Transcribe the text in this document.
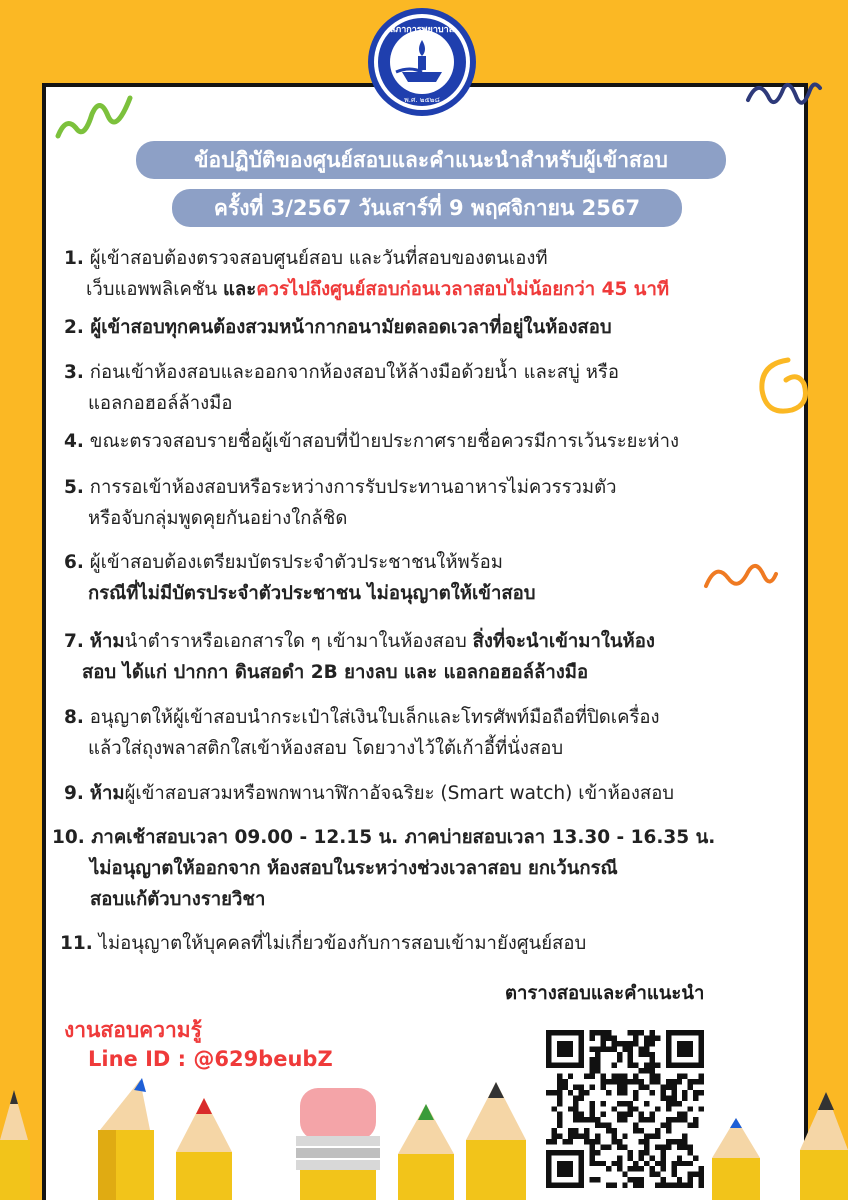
สภาการพยาบาล
พ.ศ. ๒๕๒๘
ข้อปฏิบัติของศูนย์สอบและคำแนะนำสำหรับผู้เข้าสอบ
ครั้งที่ 3/2567 วันเสาร์ที่ 9 พฤศจิกายน 2567
1. ผู้เข้าสอบต้องตรวจสอบศูนย์สอบ และวันที่สอบของตนเองที
เว็บแอพพลิเคชัน และควรไปถึงศูนย์สอบก่อนเวลาสอบไม่น้อยกว่า 45 นาที
2. ผู้เข้าสอบทุกคนต้องสวมหน้ากากอนามัยตลอดเวลาที่อยู่ในห้องสอบ
3. ก่อนเข้าห้องสอบและออกจากห้องสอบให้ล้างมือด้วยน้ำ และสบู่ หรือ
แอลกอฮอล์ล้างมือ
4. ขณะตรวจสอบรายชื่อผู้เข้าสอบที่ป้ายประกาศรายชื่อควรมีการเว้นระยะห่าง
5. การรอเข้าห้องสอบหรือระหว่างการรับประทานอาหารไม่ควรรวมตัว
หรือจับกลุ่มพูดคุยกันอย่างใกล้ชิด
6. ผู้เข้าสอบต้องเตรียมบัตรประจำตัวประชาชนให้พร้อม
กรณีที่ไม่มีบัตรประจำตัวประชาชน ไม่อนุญาตให้เข้าสอบ
7. ห้ามนำตำราหรือเอกสารใด ๆ เข้ามาในห้องสอบ สิ่งที่จะนำเข้ามาในห้อง
สอบ ได้แก่ ปากกา ดินสอดำ 2B ยางลบ และ แอลกอฮอล์ล้างมือ
8. อนุญาตให้ผู้เข้าสอบนำกระเป๋าใส่เงินใบเล็กและโทรศัพท์มือถือที่ปิดเครื่อง
แล้วใส่ถุงพลาสติกใสเข้าห้องสอบ โดยวางไว้ใต้เก้าอี้ที่นั่งสอบ
9. ห้ามผู้เข้าสอบสวมหรือพกพานาฬิกาอัจฉริยะ (Smart watch) เข้าห้องสอบ
10. ภาคเช้าสอบเวลา 09.00 - 12.15 น. ภาคบ่ายสอบเวลา 13.30 - 16.35 น.
ไม่อนุญาตให้ออกจาก ห้องสอบในระหว่างช่วงเวลาสอบ ยกเว้นกรณี
สอบแก้ตัวบางรายวิชา
11. ไม่อนุญาตให้บุคคลที่ไม่เกี่ยวข้องกับการสอบเข้ามายังศูนย์สอบ
ตารางสอบและคำแนะนำ
งานสอบความรู้
Line ID : @629beubZ
